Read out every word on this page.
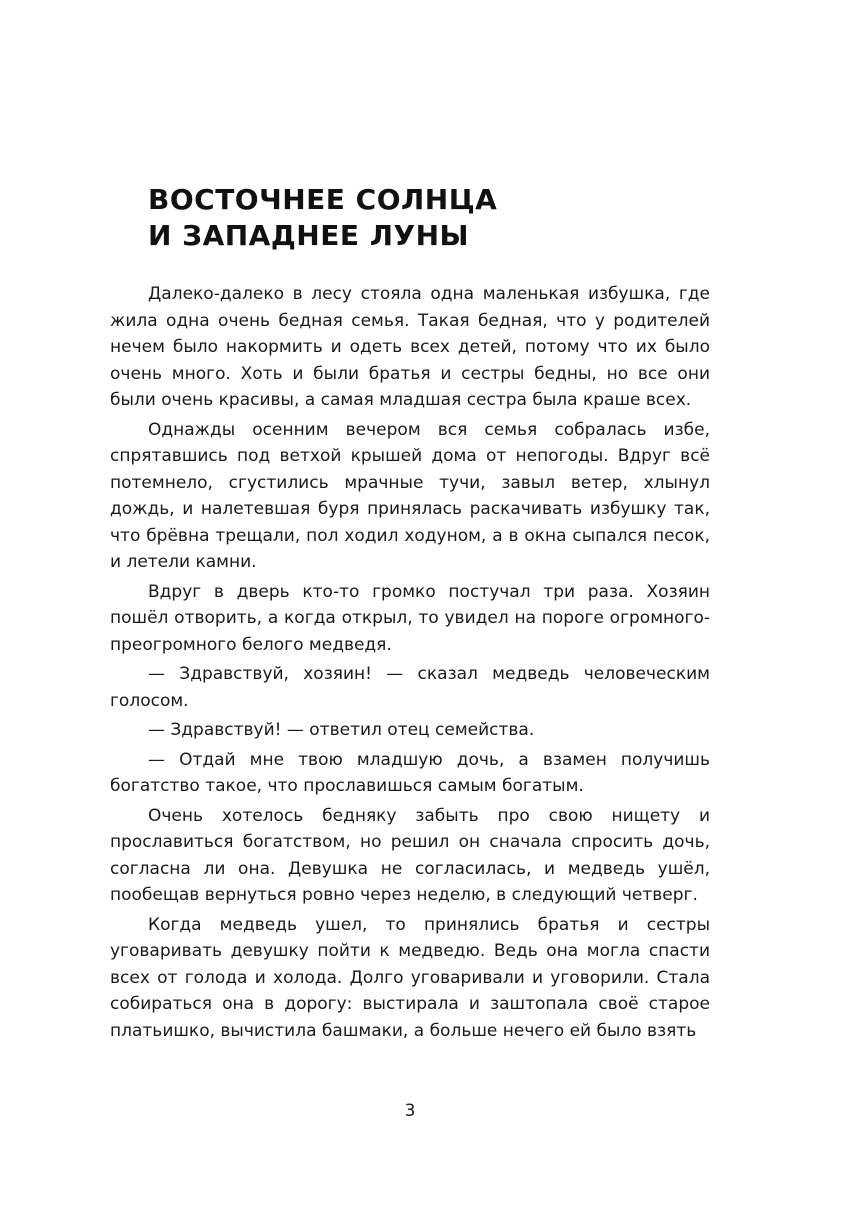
ВОСТОЧНЕЕ СОЛНЦА
И ЗАПАДНЕЕ ЛУНЫ

Далеко-далеко в лесу стояла одна маленькая избушка, где жила одна очень бедная семья. Такая бедная, что у родителей нечем было накормить и одеть всех детей, потому что их было очень много. Хоть и были братья и сестры бедны, но все они были очень красивы, а самая младшая сестра была краше всех.

Однажды осенним вечером вся семья собралась избе, спрятавшись под ветхой крышей дома от непогоды. Вдруг всё потемнело, сгустились мрачные тучи, завыл ветер, хлынул дождь, и налетевшая буря принялась раскачивать избушку так, что брёвна трещали, пол ходил ходуном, а в окна сыпался песок, и летели камни.

Вдруг в дверь кто-то громко постучал три раза. Хозяин пошёл отворить, а когда открыл, то увидел на пороге огромного-преогромного белого медведя.

— Здравствуй, хозяин! — сказал медведь человеческим голосом.

— Здравствуй! — ответил отец семейства.

— Отдай мне твою младшую дочь, а взамен получишь богатство такое, что прославишься самым богатым.

Очень хотелось бедняку забыть про свою нищету и прославиться богатством, но решил он сначала спросить дочь, согласна ли она. Девушка не согласилась, и медведь ушёл, пообещав вернуться ровно через неделю, в следующий четверг.

Когда медведь ушел, то принялись братья и сестры уговаривать девушку пойти к медведю. Ведь она могла спасти всех от голода и холода. Долго уговаривали и уговорили. Стала собираться она в дорогу: выстирала и заштопала своё старое платьишко, вычистила башмаки, а больше нечего ей было взять

3
